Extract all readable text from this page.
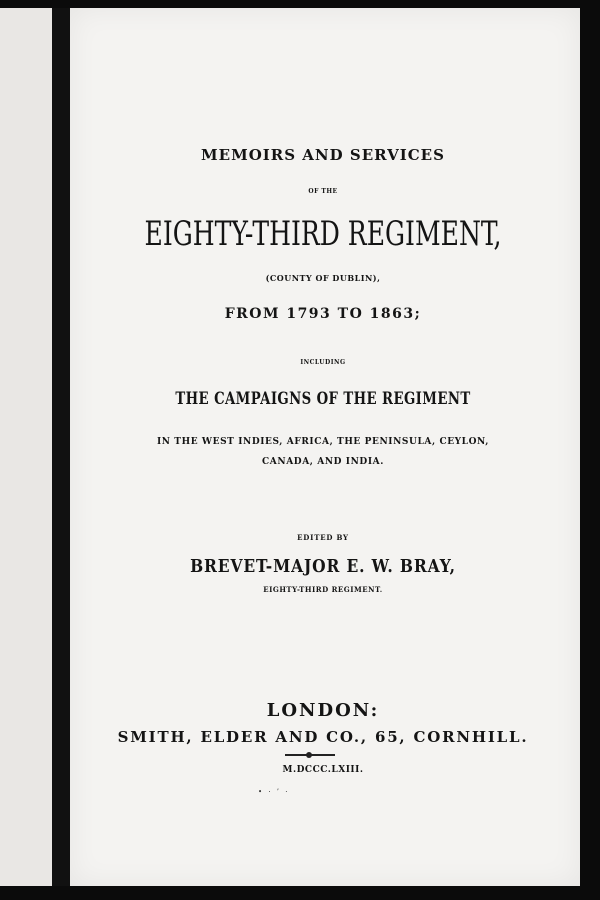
MEMOIRS AND SERVICES
OF THE
EIGHTY-THIRD REGIMENT,
(COUNTY OF DUBLIN),
FROM 1793 TO 1863;
INCLUDING
THE CAMPAIGNS OF THE REGIMENT
IN THE WEST INDIES, AFRICA, THE PENINSULA, CEYLON,
CANADA, AND INDIA.
EDITED BY
BREVET-MAJOR E. W. BRAY,
EIGHTY-THIRD REGIMENT.
LONDON:
SMITH, ELDER AND CO., 65, CORNHILL.
M.DCCC.LXIII.
• · ’ ·
